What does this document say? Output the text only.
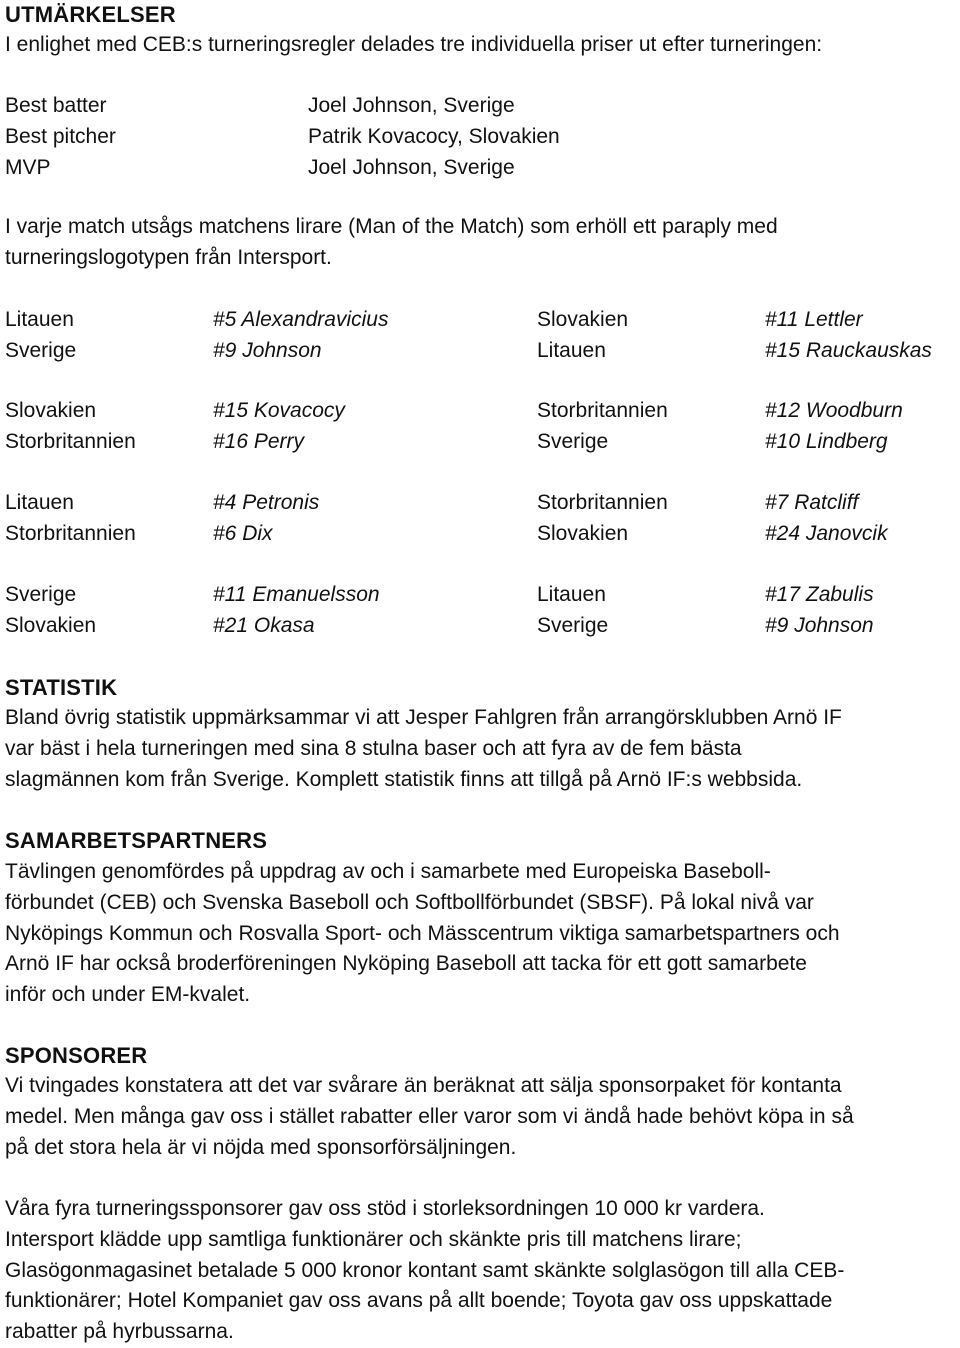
UTMÄRKELSER
I enlighet med CEB:s turneringsregler delades tre individuella priser ut efter turneringen:
Best batter	Joel Johnson, Sverige
Best pitcher	Patrik Kovacocy, Slovakien
MVP	Joel Johnson, Sverige
I varje match utsågs matchens lirare (Man of the Match) som erhöll ett paraply med
turneringslogotypen från Intersport.
Litauen	#5 Alexandravicius	Slovakien	#11 Lettler
Sverige	#9 Johnson	Litauen	#15 Rauckauskas
Slovakien	#15 Kovacocy	Storbritannien	#12 Woodburn
Storbritannien	#16 Perry	Sverige	#10 Lindberg
Litauen	#4 Petronis	Storbritannien	#7 Ratcliff
Storbritannien	#6 Dix	Slovakien	#24 Janovcik
Sverige	#11 Emanuelsson	Litauen	#17 Zabulis
Slovakien	#21 Okasa	Sverige	#9 Johnson
STATISTIK
Bland övrig statistik uppmärksammar vi att Jesper Fahlgren från arrangörsklubben Arnö IF
var bäst i hela turneringen med sina 8 stulna baser och att fyra av de fem bästa
slagmännen kom från Sverige. Komplett statistik finns att tillgå på Arnö IF:s webbsida.
SAMARBETSPARTNERS
Tävlingen genomfördes på uppdrag av och i samarbete med Europeiska Baseboll-
förbundet (CEB) och Svenska Baseboll och Softbollförbundet (SBSF). På lokal nivå var
Nyköpings Kommun och Rosvalla Sport- och Mässcentrum viktiga samarbetspartners och
Arnö IF har också broderföreningen Nyköping Baseboll att tacka för ett gott samarbete
inför och under EM-kvalet.
SPONSORER
Vi tvingades konstatera att det var svårare än beräknat att sälja sponsorpaket för kontanta
medel. Men många gav oss i stället rabatter eller varor som vi ändå hade behövt köpa in så
på det stora hela är vi nöjda med sponsorförsäljningen.
Våra fyra turneringssponsorer gav oss stöd i storleksordningen 10 000 kr vardera.
Intersport klädde upp samtliga funktionärer och skänkte pris till matchens lirare;
Glasögonmagasinet betalade 5 000 kronor kontant samt skänkte solglasögon till alla CEB-
funktionärer; Hotel Kompaniet gav oss avans på allt boende; Toyota gav oss uppskattade
rabatter på hyrbussarna.
